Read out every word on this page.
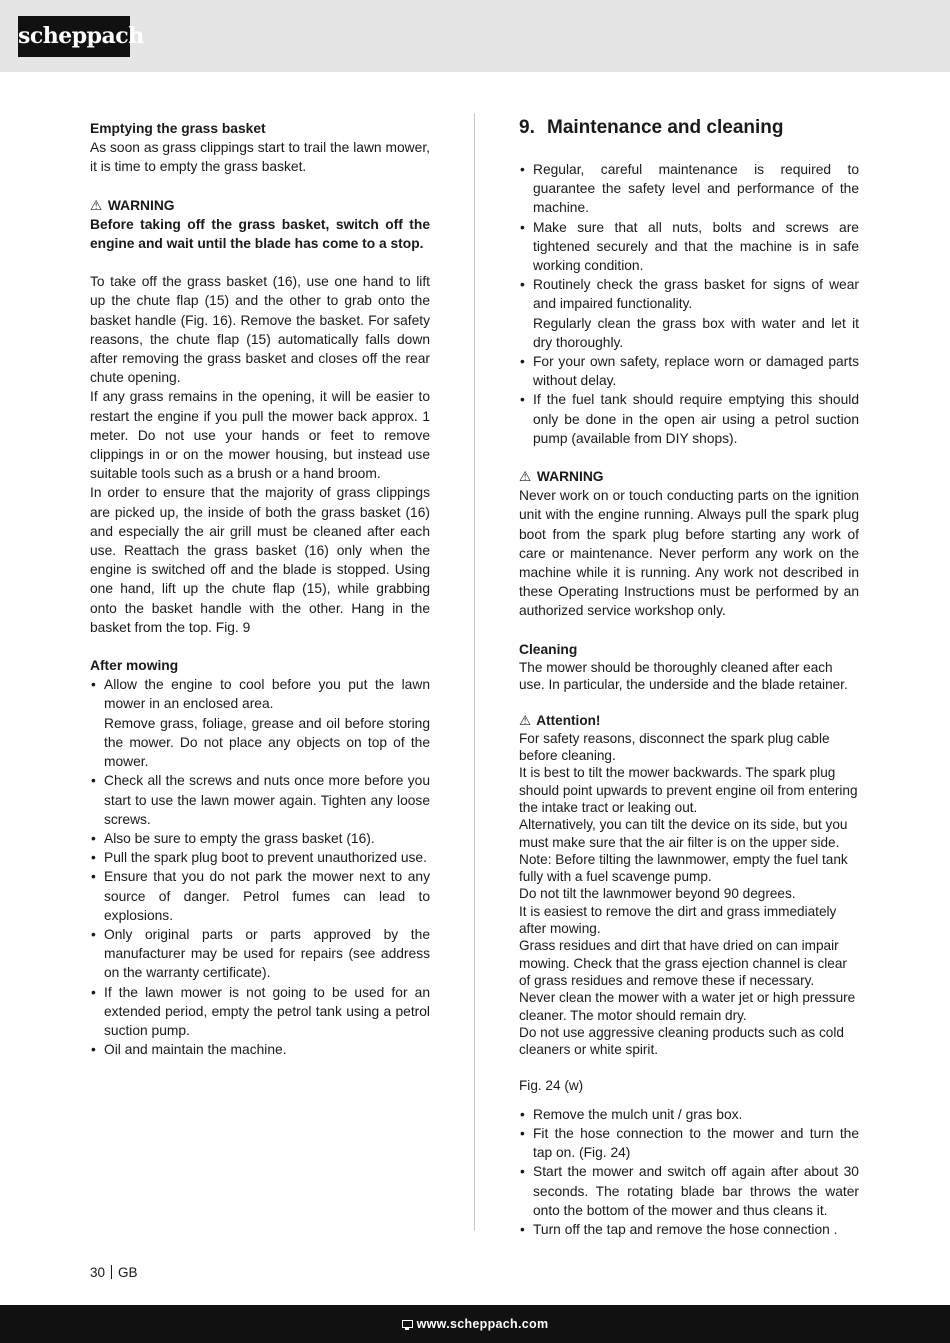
scheppach
Emptying the grass basket

As soon as grass clippings start to trail the lawn mower, it is time to empty the grass basket.

⚠ WARNING

Before taking off the grass basket, switch off the engine and wait until the blade has come to a stop.

To take off the grass basket (16), use one hand to lift up the chute flap (15) and the other to grab onto the basket handle (Fig. 16). Remove the basket. For safety reasons, the chute flap (15) automatically falls down after removing the grass basket and closes off the rear chute opening.

If any grass remains in the opening, it will be easier to restart the engine if you pull the mower back approx. 1 meter. Do not use your hands or feet to remove clippings in or on the mower housing, but instead use suitable tools such as a brush or a hand broom.

In order to ensure that the majority of grass clippings are picked up, the inside of both the grass basket (16) and especially the air grill must be cleaned after each use. Reattach the grass basket (16) only when the engine is switched off and the blade is stopped. Using one hand, lift up the chute flap (15), while grabbing onto the basket handle with the other. Hang in the basket from the top. Fig. 9

After mowing
• Allow the engine to cool before you put the lawn mower in an enclosed area.
Remove grass, foliage, grease and oil before storing the mower. Do not place any objects on top of the mower.
• Check all the screws and nuts once more before you start to use the lawn mower again. Tighten any loose screws.
• Also be sure to empty the grass basket (16).
• Pull the spark plug boot to prevent unauthorized use.
• Ensure that you do not park the mower next to any source of danger. Petrol fumes can lead to explosions.
• Only original parts or parts approved by the manufacturer may be used for repairs (see address on the warranty certificate).
• If the lawn mower is not going to be used for an extended period, empty the petrol tank using a petrol suction pump.
• Oil and maintain the machine.
9. Maintenance and cleaning
• Regular, careful maintenance is required to guarantee the safety level and performance of the machine.
• Make sure that all nuts, bolts and screws are tightened securely and that the machine is in safe working condition.
• Routinely check the grass basket for signs of wear and impaired functionality.
Regularly clean the grass box with water and let it dry thoroughly.
• For your own safety, replace worn or damaged parts without delay.
• If the fuel tank should require emptying this should only be done in the open air using a petrol suction pump (available from DIY shops).
⚠ WARNING

Never work on or touch conducting parts on the ignition unit with the engine running. Always pull the spark plug boot from the spark plug before starting any work of care or maintenance. Never perform any work on the machine while it is running. Any work not described in these Operating Instructions must be performed by an authorized service workshop only.

Cleaning

The mower should be thoroughly cleaned after each use. In particular, the underside and the blade retainer.

⚠ Attention!

For safety reasons, disconnect the spark plug cable before cleaning.

It is best to tilt the mower backwards. The spark plug should point upwards to prevent engine oil from entering the intake tract or leaking out.

Alternatively, you can tilt the device on its side, but you must make sure that the air filter is on the upper side.

Note: Before tilting the lawnmower, empty the fuel tank fully with a fuel scavenge pump.

Do not tilt the lawnmower beyond 90 degrees.

It is easiest to remove the dirt and grass immediately after mowing.

Grass residues and dirt that have dried on can impair mowing. Check that the grass ejection channel is clear of grass residues and remove these if necessary.

Never clean the mower with a water jet or high pressure cleaner. The motor should remain dry.

Do not use aggressive cleaning products such as cold cleaners or white spirit.

Fig. 24 (w)

• Remove the mulch unit / gras box.
• Fit the hose connection to the mower and turn the tap on. (Fig. 24)
• Start the mower and switch off again after about 30 seconds. The rotating blade bar throws the water onto the bottom of the mower and thus cleans it.
• Turn off the tap and remove the hose connection .
30 GB
www.scheppach.com
